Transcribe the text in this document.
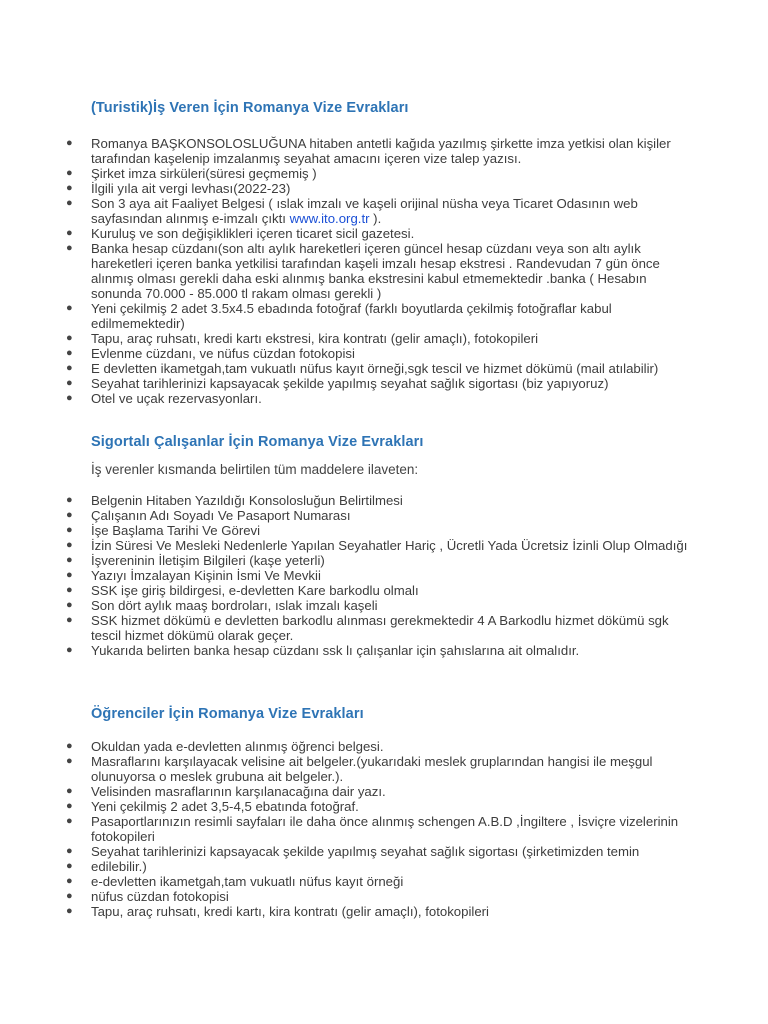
(Turistik)İş Veren İçin Romanya Vize Evrakları
● Romanya BAŞKONSOLOSLUĞUNA hitaben antetli kağıda yazılmış şirkette imza yetkisi olan kişiler tarafından kaşelenip imzalanmış seyahat amacını içeren vize talep yazısı.
● Şirket imza sirküleri(süresi geçmemiş )
● İlgili yıla ait vergi levhası(2022-23)
● Son 3 aya ait Faaliyet Belgesi ( ıslak imzalı ve kaşeli orijinal nüsha veya Ticaret Odasının web sayfasından alınmış e-imzalı çıktı www.ito.org.tr ).
● Kuruluş ve son değişiklikleri içeren ticaret sicil gazetesi.
● Banka hesap cüzdanı(son altı aylık hareketleri içeren güncel hesap cüzdanı veya son altı aylık hareketleri içeren banka yetkilisi tarafından kaşeli imzalı hesap ekstresi . Randevudan 7 gün önce alınmış olması gerekli daha eski alınmış banka ekstresini kabul etmemektedir .banka ( Hesabın sonunda 70.000 - 85.000 tl rakam olması gerekli )
● Yeni çekilmiş 2 adet 3.5x4.5 ebadında fotoğraf (farklı boyutlarda çekilmiş fotoğraflar kabul edilmemektedir)
● Tapu, araç ruhsatı, kredi kartı ekstresi, kira kontratı (gelir amaçlı), fotokopileri
● Evlenme cüzdanı, ve nüfus cüzdan fotokopisi
● E devletten ikametgah,tam vukuatlı nüfus kayıt örneği,sgk tescil ve hizmet dökümü (mail atılabilir)
● Seyahat tarihlerinizi kapsayacak şekilde yapılmış seyahat sağlık sigortası (biz yapıyoruz)
● Otel ve uçak rezervasyonları.
Sigortalı Çalışanlar İçin Romanya Vize Evrakları

İş verenler kısmanda belirtilen tüm maddelere ilaveten:

● Belgenin Hitaben Yazıldığı Konsolosluğun Belirtilmesi
● Çalışanın Adı Soyadı Ve Pasaport Numarası
● İşe Başlama Tarihi Ve Görevi
● İzin Süresi Ve Mesleki Nedenlerle Yapılan Seyahatler Hariç , Ücretli Yada Ücretsiz İzinli Olup Olmadığı
● İşvereninin İletişim Bilgileri (kaşe yeterli)
● Yazıyı İmzalayan Kişinin İsmi Ve Mevkii
● SSK işe giriş bildirgesi, e-devletten Kare barkodlu olmalı
● Son dört aylık maaş bordroları, ıslak imzalı kaşeli
● SSK hizmet dökümü e devletten barkodlu alınması gerekmektedir 4 A Barkodlu hizmet dökümü sgk tescil hizmet dökümü olarak geçer.
● Yukarıda belirten banka hesap cüzdanı ssk lı çalışanlar için şahıslarına ait olmalıdır.
Öğrenciler İçin Romanya Vize Evrakları
● Okuldan yada e-devletten alınmış öğrenci belgesi.
● Masraflarını karşılayacak velisine ait belgeler.(yukarıdaki meslek gruplarından hangisi ile meşgul olunuyorsa o meslek grubuna ait belgeler.).
● Velisinden masraflarının karşılanacağına dair yazı.
● Yeni çekilmiş 2 adet 3,5-4,5 ebatında fotoğraf.
● Pasaportlarınızın resimli sayfaları ile daha önce alınmış schengen A.B.D ,İngiltere , İsviçre vizelerinin fotokopileri
● Seyahat tarihlerinizi kapsayacak şekilde yapılmış seyahat sağlık sigortası (şirketimizden temin
● edilebilir.)
● e-devletten ikametgah,tam vukuatlı nüfus kayıt örneği
● nüfus cüzdan fotokopisi
● Tapu, araç ruhsatı, kredi kartı, kira kontratı (gelir amaçlı), fotokopileri
